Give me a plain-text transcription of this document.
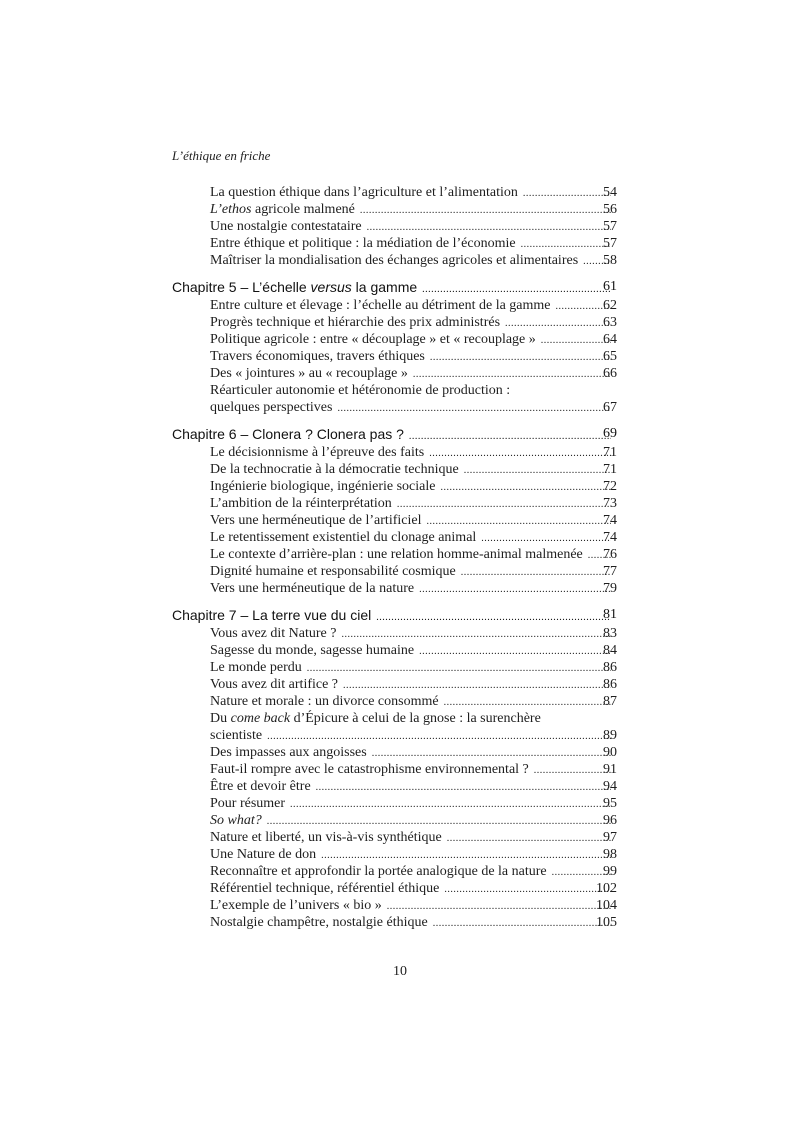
L’éthique en friche
La question éthique dans l’agriculture et l’alimentation .....	54
L’ethos agricole malmené .....	56
Une nostalgie contestataire .....	57
Entre éthique et politique : la médiation de l’économie .....	57
Maîtriser la mondialisation des échanges agricoles et alimentaires .....	58
Chapitre 5 – L’échelle versus la gamme .....	61
Entre culture et élevage : l’échelle au détriment de la gamme .....	62
Progrès technique et hiérarchie des prix administrés .....	63
Politique agricole : entre « découplage » et « recouplage » .....	64
Travers économiques, travers éthiques .....	65
Des « jointures » au « recouplage » .....	66
Réarticuler autonomie et hétéronomie de production :
quelques perspectives .....	67
Chapitre 6 – Clonera ? Clonera pas ? .....	69
Le décisionnisme à l’épreuve des faits .....	71
De la technocratie à la démocratie technique .....	71
Ingénierie biologique, ingénierie sociale .....	72
L’ambition de la réinterprétation .....	73
Vers une herméneutique de l’artificiel .....	74
Le retentissement existentiel du clonage animal .....	74
Le contexte d’arrière-plan : une relation homme-animal malmenée .....	76
Dignité humaine et responsabilité cosmique .....	77
Vers une herméneutique de la nature .....	79
Chapitre 7 – La terre vue du ciel .....	81
Vous avez dit Nature ? .....	83
Sagesse du monde, sagesse humaine .....	84
Le monde perdu .....	86
Vous avez dit artifice ? .....	86
Nature et morale : un divorce consommé .....	87
Du come back d’Épicure à celui de la gnose : la surenchère
scientiste .....	89
Des impasses aux angoisses .....	90
Faut-il rompre avec le catastrophisme environnemental ? .....	91
Être et devoir être .....	94
Pour résumer .....	95
So what? .....	96
Nature et liberté, un vis-à-vis synthétique .....	97
Une Nature de don .....	98
Reconnaître et approfondir la portée analogique de la nature .....	99
Référentiel technique, référentiel éthique .....	102
L’exemple de l’univers « bio » .....	104
Nostalgie champêtre, nostalgie éthique .....	105
10
